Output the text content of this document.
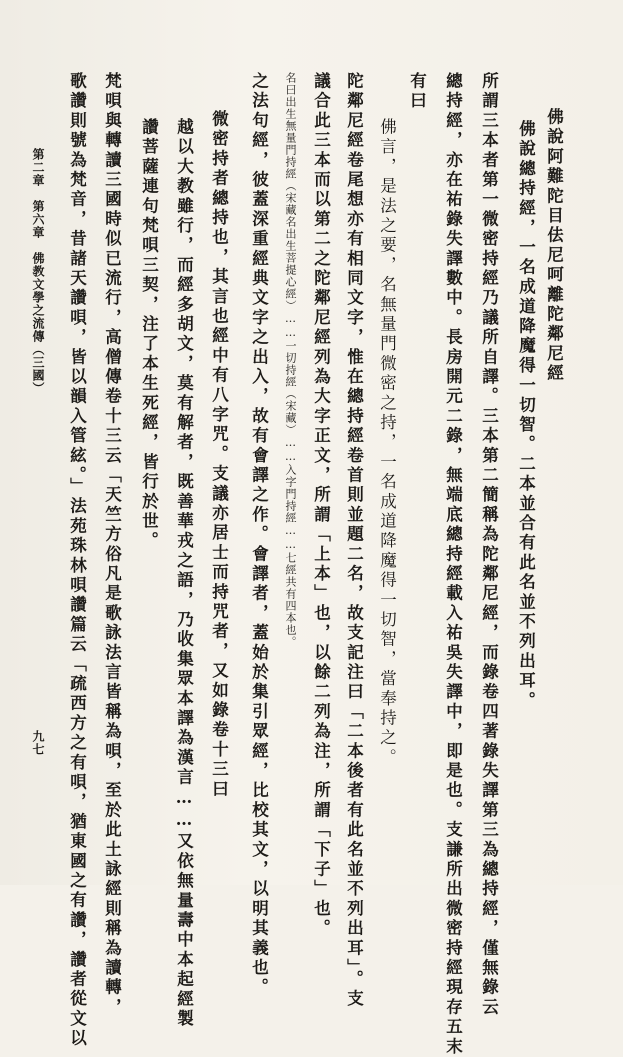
佛說阿難陀目佉尼呵離陀鄰尼經
佛說總持經，一名成道降魔得一切智。二本並合有此名並不列出耳。
所謂三本者第一微密持經乃議所自譯。三本第二簡稱為陀鄰尼經，而錄卷四著錄失譯第三為總持經，僅無錄云
總持經，亦在祐錄失譯數中。長房開元二錄，無端底總持經載入祐吳失譯中，即是也。支謙所出微密持經現存五末
有曰
佛言，是法之要，名無量門微密之持，一名成道降魔得一切智，當奉持之。
陀鄰尼經卷尾想亦有相同文字，惟在總持經卷首則並題二名，故支記注曰「二本後者有此名並不列出耳」。支
議合此三本而以第二之陀鄰尼經列為大字正文，所謂「上本」也，以餘二列為注，所謂「下子」也。
名曰出生無量門持經（宋藏名出生菩提心經）……一切持經（宋藏）……入字門持經……七經共有四本也。
之法句經，彼蓋深重經典文字之出入，故有會譯之作。會譯者，蓋始於集引眾經，比校其文，以明其義也。
微密持者總持也，其言也經中有八字咒。支議亦居士而持咒者，又如錄卷十三曰
越以大教雖行，而經多胡文，莫有解者，既善華戎之語，乃收集眾本譯為漢言……又依無量壽中本起經製
讚菩薩連句梵唄三契，注了本生死經，皆行於世。
梵唄與轉讀三國時似已流行，高僧傳卷十三云「天竺方俗凡是歌詠法言皆稱為唄，至於此土詠經則稱為讀轉，
歌讚則號為梵音，昔諸天讚唄，皆以韻入管絃。」法苑珠林唄讚篇云「疏西方之有唄，猶東國之有讚，讚者從文以
第二章　第六章　佛教文學之流傳（三國）
九七
